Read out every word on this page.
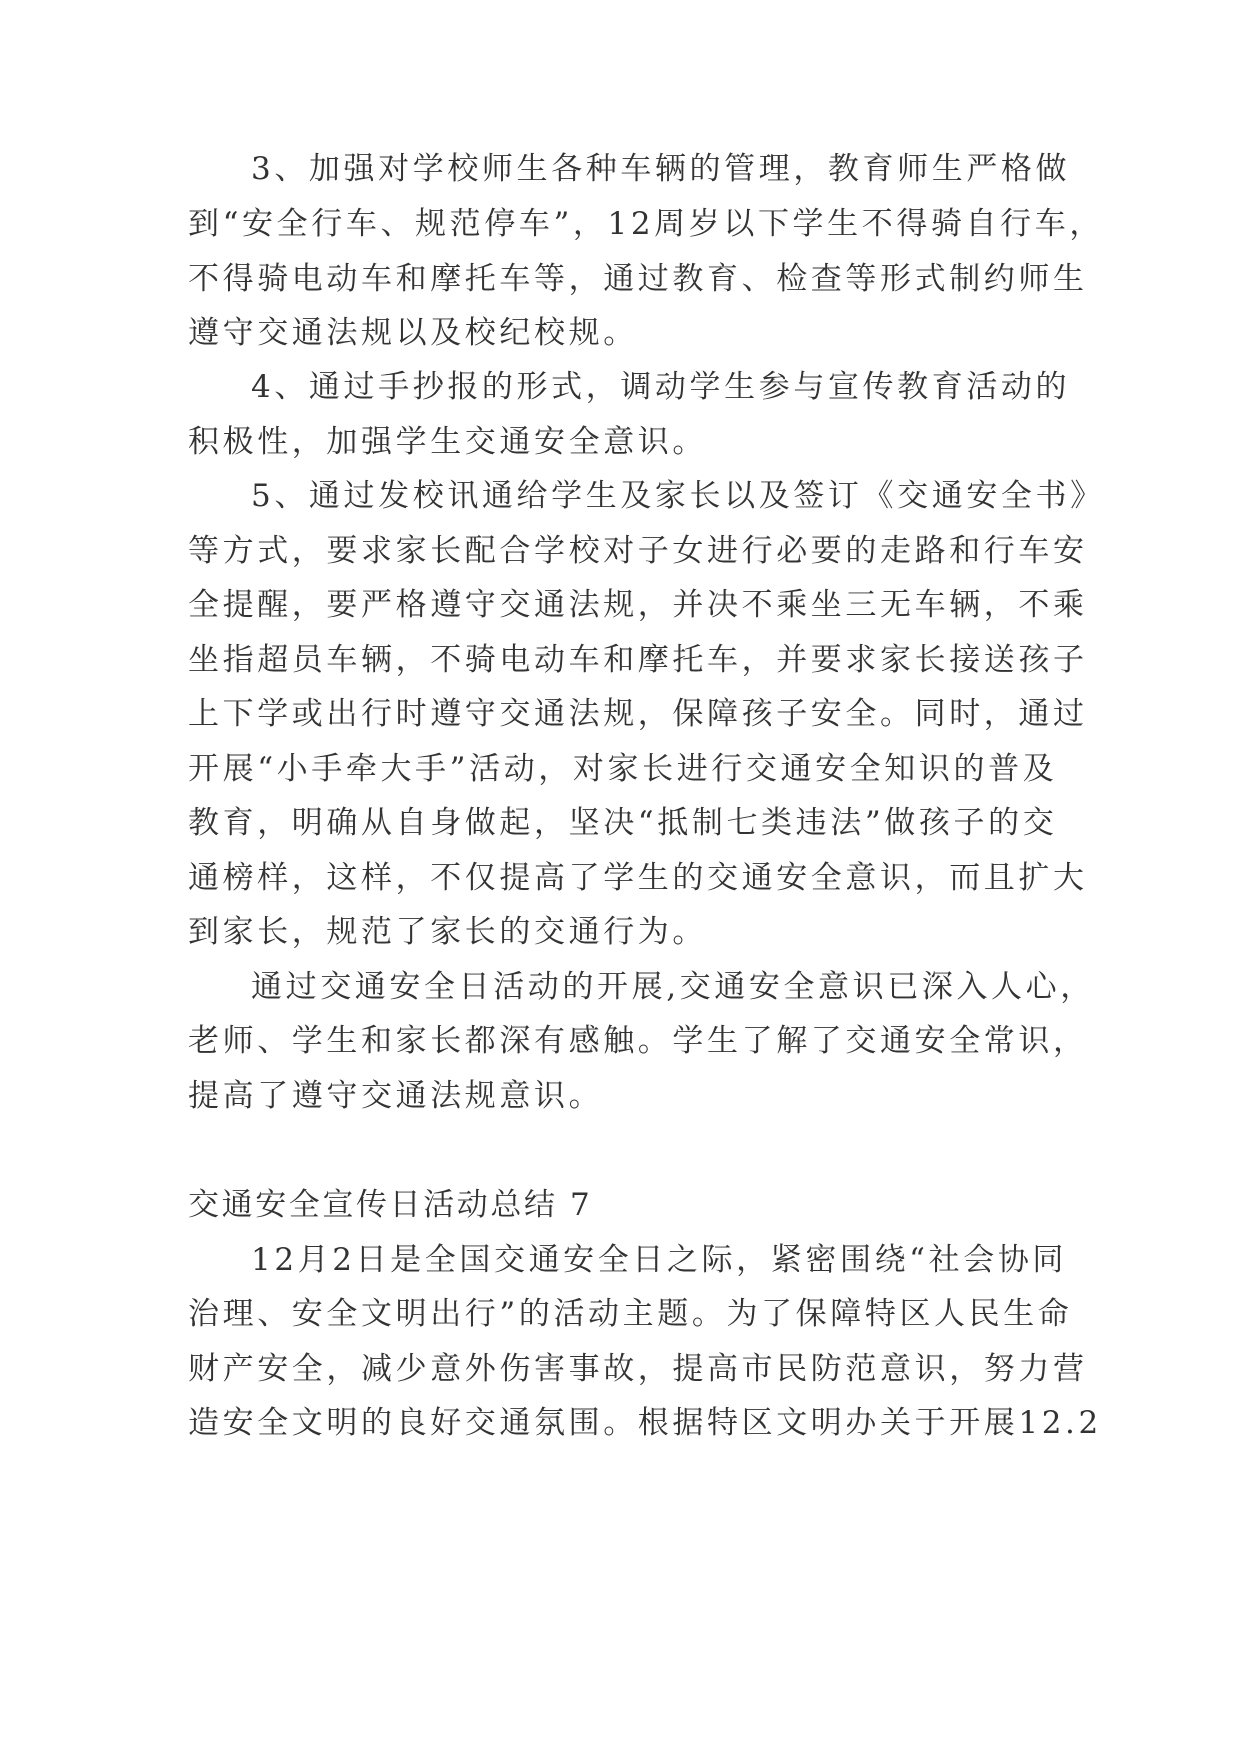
3、加强对学校师生各种车辆的管理，教育师生严格做
到“安全行车、规范停车”，12周岁以下学生不得骑自行车，
不得骑电动车和摩托车等，通过教育、检查等形式制约师生
遵守交通法规以及校纪校规。
4、通过手抄报的形式，调动学生参与宣传教育活动的
积极性，加强学生交通安全意识。
5、通过发校讯通给学生及家长以及签订《交通安全书》
等方式，要求家长配合学校对子女进行必要的走路和行车安
全提醒，要严格遵守交通法规，并决不乘坐三无车辆，不乘
坐指超员车辆，不骑电动车和摩托车，并要求家长接送孩子
上下学或出行时遵守交通法规，保障孩子安全。同时，通过
开展“小手牵大手”活动，对家长进行交通安全知识的普及
教育，明确从自身做起，坚决“抵制七类违法”做孩子的交
通榜样，这样，不仅提高了学生的交通安全意识，而且扩大
到家长，规范了家长的交通行为。
通过交通安全日活动的开展,交通安全意识已深入人心，
老师、学生和家长都深有感触。学生了解了交通安全常识，
提高了遵守交通法规意识。
交通安全宣传日活动总结 7
12月2日是全国交通安全日之际，紧密围绕“社会协同
治理、安全文明出行”的活动主题。为了保障特区人民生命
财产安全，减少意外伤害事故，提高市民防范意识，努力营
造安全文明的良好交通氛围。根据特区文明办关于开展12.2
